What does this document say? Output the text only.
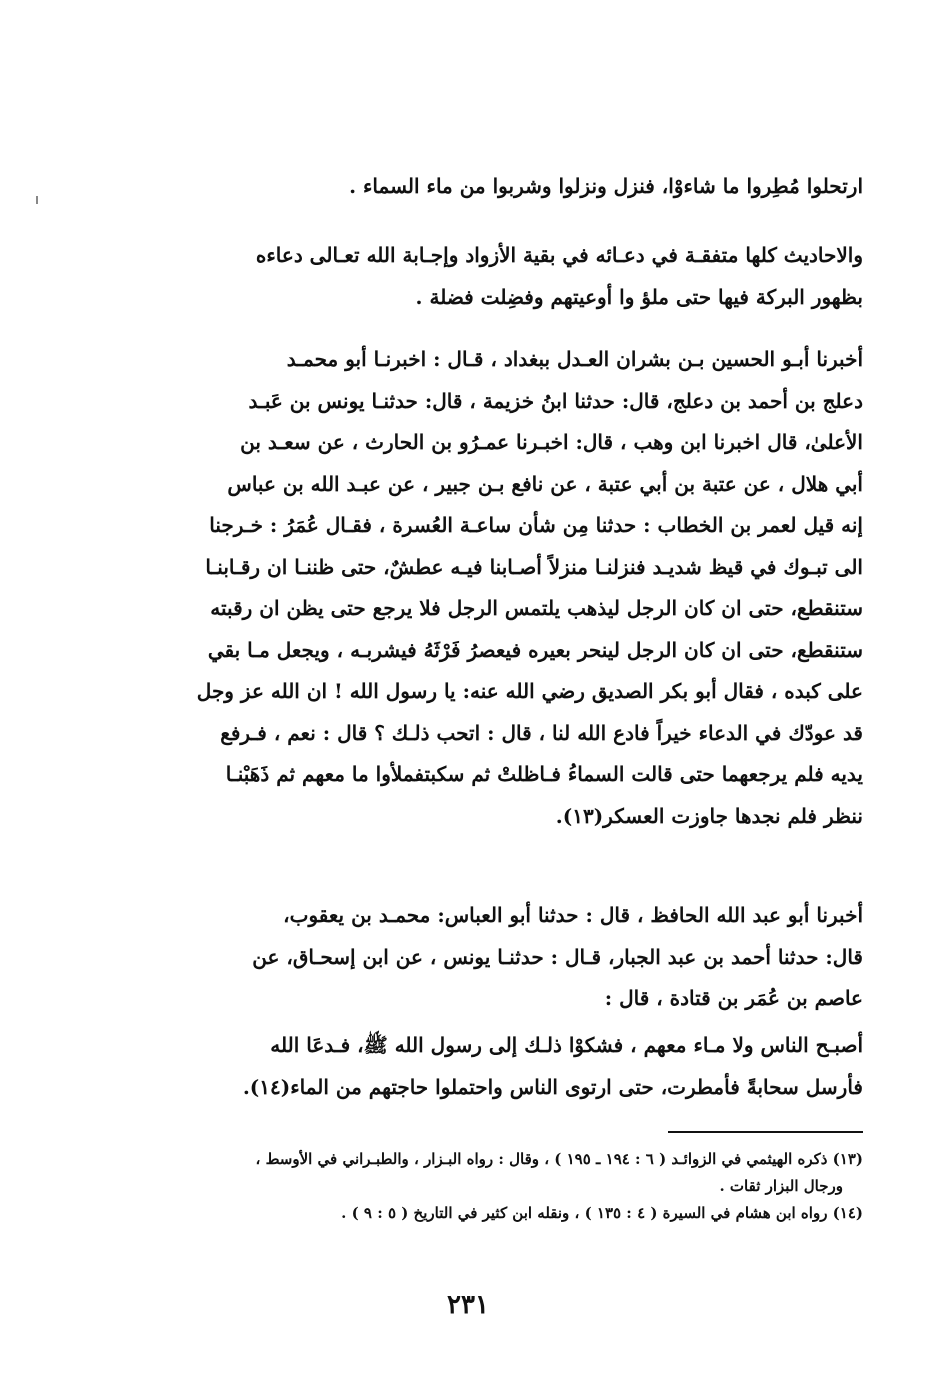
ارتحلوا مُطِروا ما شاءوْا، فنزل ونزلوا وشربوا من ماء السماء .
والاحاديث كلها متفقـة في دعـائه في بقية الأزواد وإجـابة الله تعـالى دعاءه
بظهور البركة فيها حتى ملؤ وا أوعيتهم وفضِلت فضلة .
أخبرنا أبـو الحسين بـن بشران العـدل ببغداد ، قـال : اخبرنـا أبو محمـد
دعلج بن أحمد بن دعلج، قال: حدثنا ابنُ خزيمة ، قال: حدثنـا يونس بن عَبـد
الأعلىٰ، قال اخبرنا ابن وهب ، قال: اخبـرنا عمـرُو بن الحارث ، عن سعـد بن
أبي هلال ، عن عتبة بن أبي عتبة ، عن نافع بـن جبير ، عن عبـد الله بن عباس
إنه قيل لعمر بن الخطاب : حدثنا مِن شأن ساعـة العُسرة ، فقـال عُمَرُ : خـرجنا
الى تبـوك في قيظ شديـد فنزلنـا منزلاً أصـابنا فيـه عطشٌ، حتى ظننـا ان رقـابنـا
ستنقطع، حتى ان كان الرجل ليذهب يلتمس الرجل فلا يرجع حتى يظن ان رقبته
ستنقطع، حتى ان كان الرجل لينحر بعيره فيعصرُ فَرْثَهُ فيشربـه ، ويجعل مـا بقي
على كبده ، فقال أبو بكر الصديق رضي الله عنه: يا رسول الله ! ان الله عز وجل
قد عودّك في الدعاء خيراً فادع الله لنا ، قال : اتحب ذلـك ؟ قال : نعم ، فـرفع
يديه فلم يرجعهما حتى قالت السماءُ فـاظلتْ ثم سكبتفملأوا ما معهم ثم ذَهَبْنـا
ننظر فلم نجدها جاوزت العسكر(١٣).
أخبرنا أبو عبد الله الحافظ ، قال : حدثنا أبو العباس: محمـد بن يعقوب،
قال: حدثنا أحمد بن عبد الجبار، قـال : حدثنـا يونس ، عن ابن إسحـاق، عن
عاصم بن عُمَر بن قتادة ، قال :
أصبـح الناس ولا مـاء معهم ، فشكوْا ذلـك إلى رسول الله ﷺ، فـدعَا الله
فأرسل سحابةً فأمطرت، حتى ارتوى الناس واحتملوا حاجتهم من الماء(١٤).
(١٣) ذكره الهيثمي في الزوائـد ( ٦ : ١٩٤ ـ ١٩٥ ) ، وقال : رواه البـزار ، والطبـراني في الأوسط ،
ورجال البزار ثقات .
(١٤) رواه ابن هشام في السيرة ( ٤ : ١٣٥ ) ، ونقله ابن كثير في التاريخ ( ٥ : ٩ ) .
٢٣١
